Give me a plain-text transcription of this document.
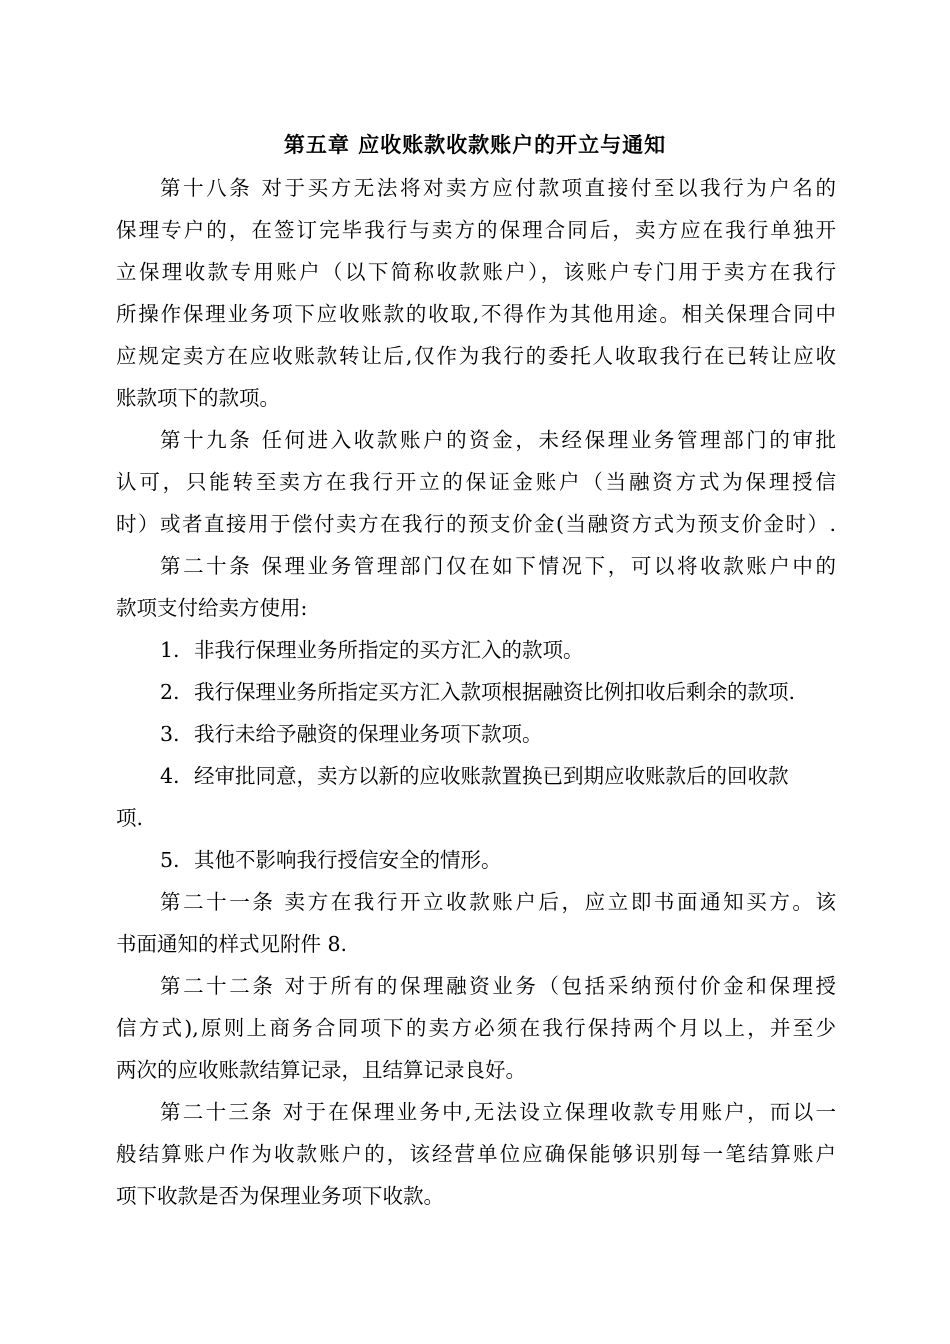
第五章 应收账款收款账户的开立与通知
第十八条 对于买方无法将对卖方应付款项直接付至以我行为户名的
保理专户的，在签订完毕我行与卖方的保理合同后，卖方应在我行单独开
立保理收款专用账户（以下简称收款账户），该账户专门用于卖方在我行
所操作保理业务项下应收账款的收取,不得作为其他用途。相关保理合同中
应规定卖方在应收账款转让后,仅作为我行的委托人收取我行在已转让应收
账款项下的款项。
第十九条 任何进入收款账户的资金，未经保理业务管理部门的审批
认可，只能转至卖方在我行开立的保证金账户（当融资方式为保理授信
时）或者直接用于偿付卖方在我行的预支价金(当融资方式为预支价金时）.
第二十条 保理业务管理部门仅在如下情况下，可以将收款账户中的
款项支付给卖方使用:
1. 非我行保理业务所指定的买方汇入的款项。
2. 我行保理业务所指定买方汇入款项根据融资比例扣收后剩余的款项.
3. 我行未给予融资的保理业务项下款项。
4. 经审批同意，卖方以新的应收账款置换已到期应收账款后的回收款
项.
5. 其他不影响我行授信安全的情形。
第二十一条 卖方在我行开立收款账户后，应立即书面通知买方。该
书面通知的样式见附件 8.
第二十二条 对于所有的保理融资业务（包括采纳预付价金和保理授
信方式),原则上商务合同项下的卖方必须在我行保持两个月以上，并至少
两次的应收账款结算记录，且结算记录良好。
第二十三条 对于在保理业务中,无法设立保理收款专用账户，而以一
般结算账户作为收款账户的，该经营单位应确保能够识别每一笔结算账户
项下收款是否为保理业务项下收款。
